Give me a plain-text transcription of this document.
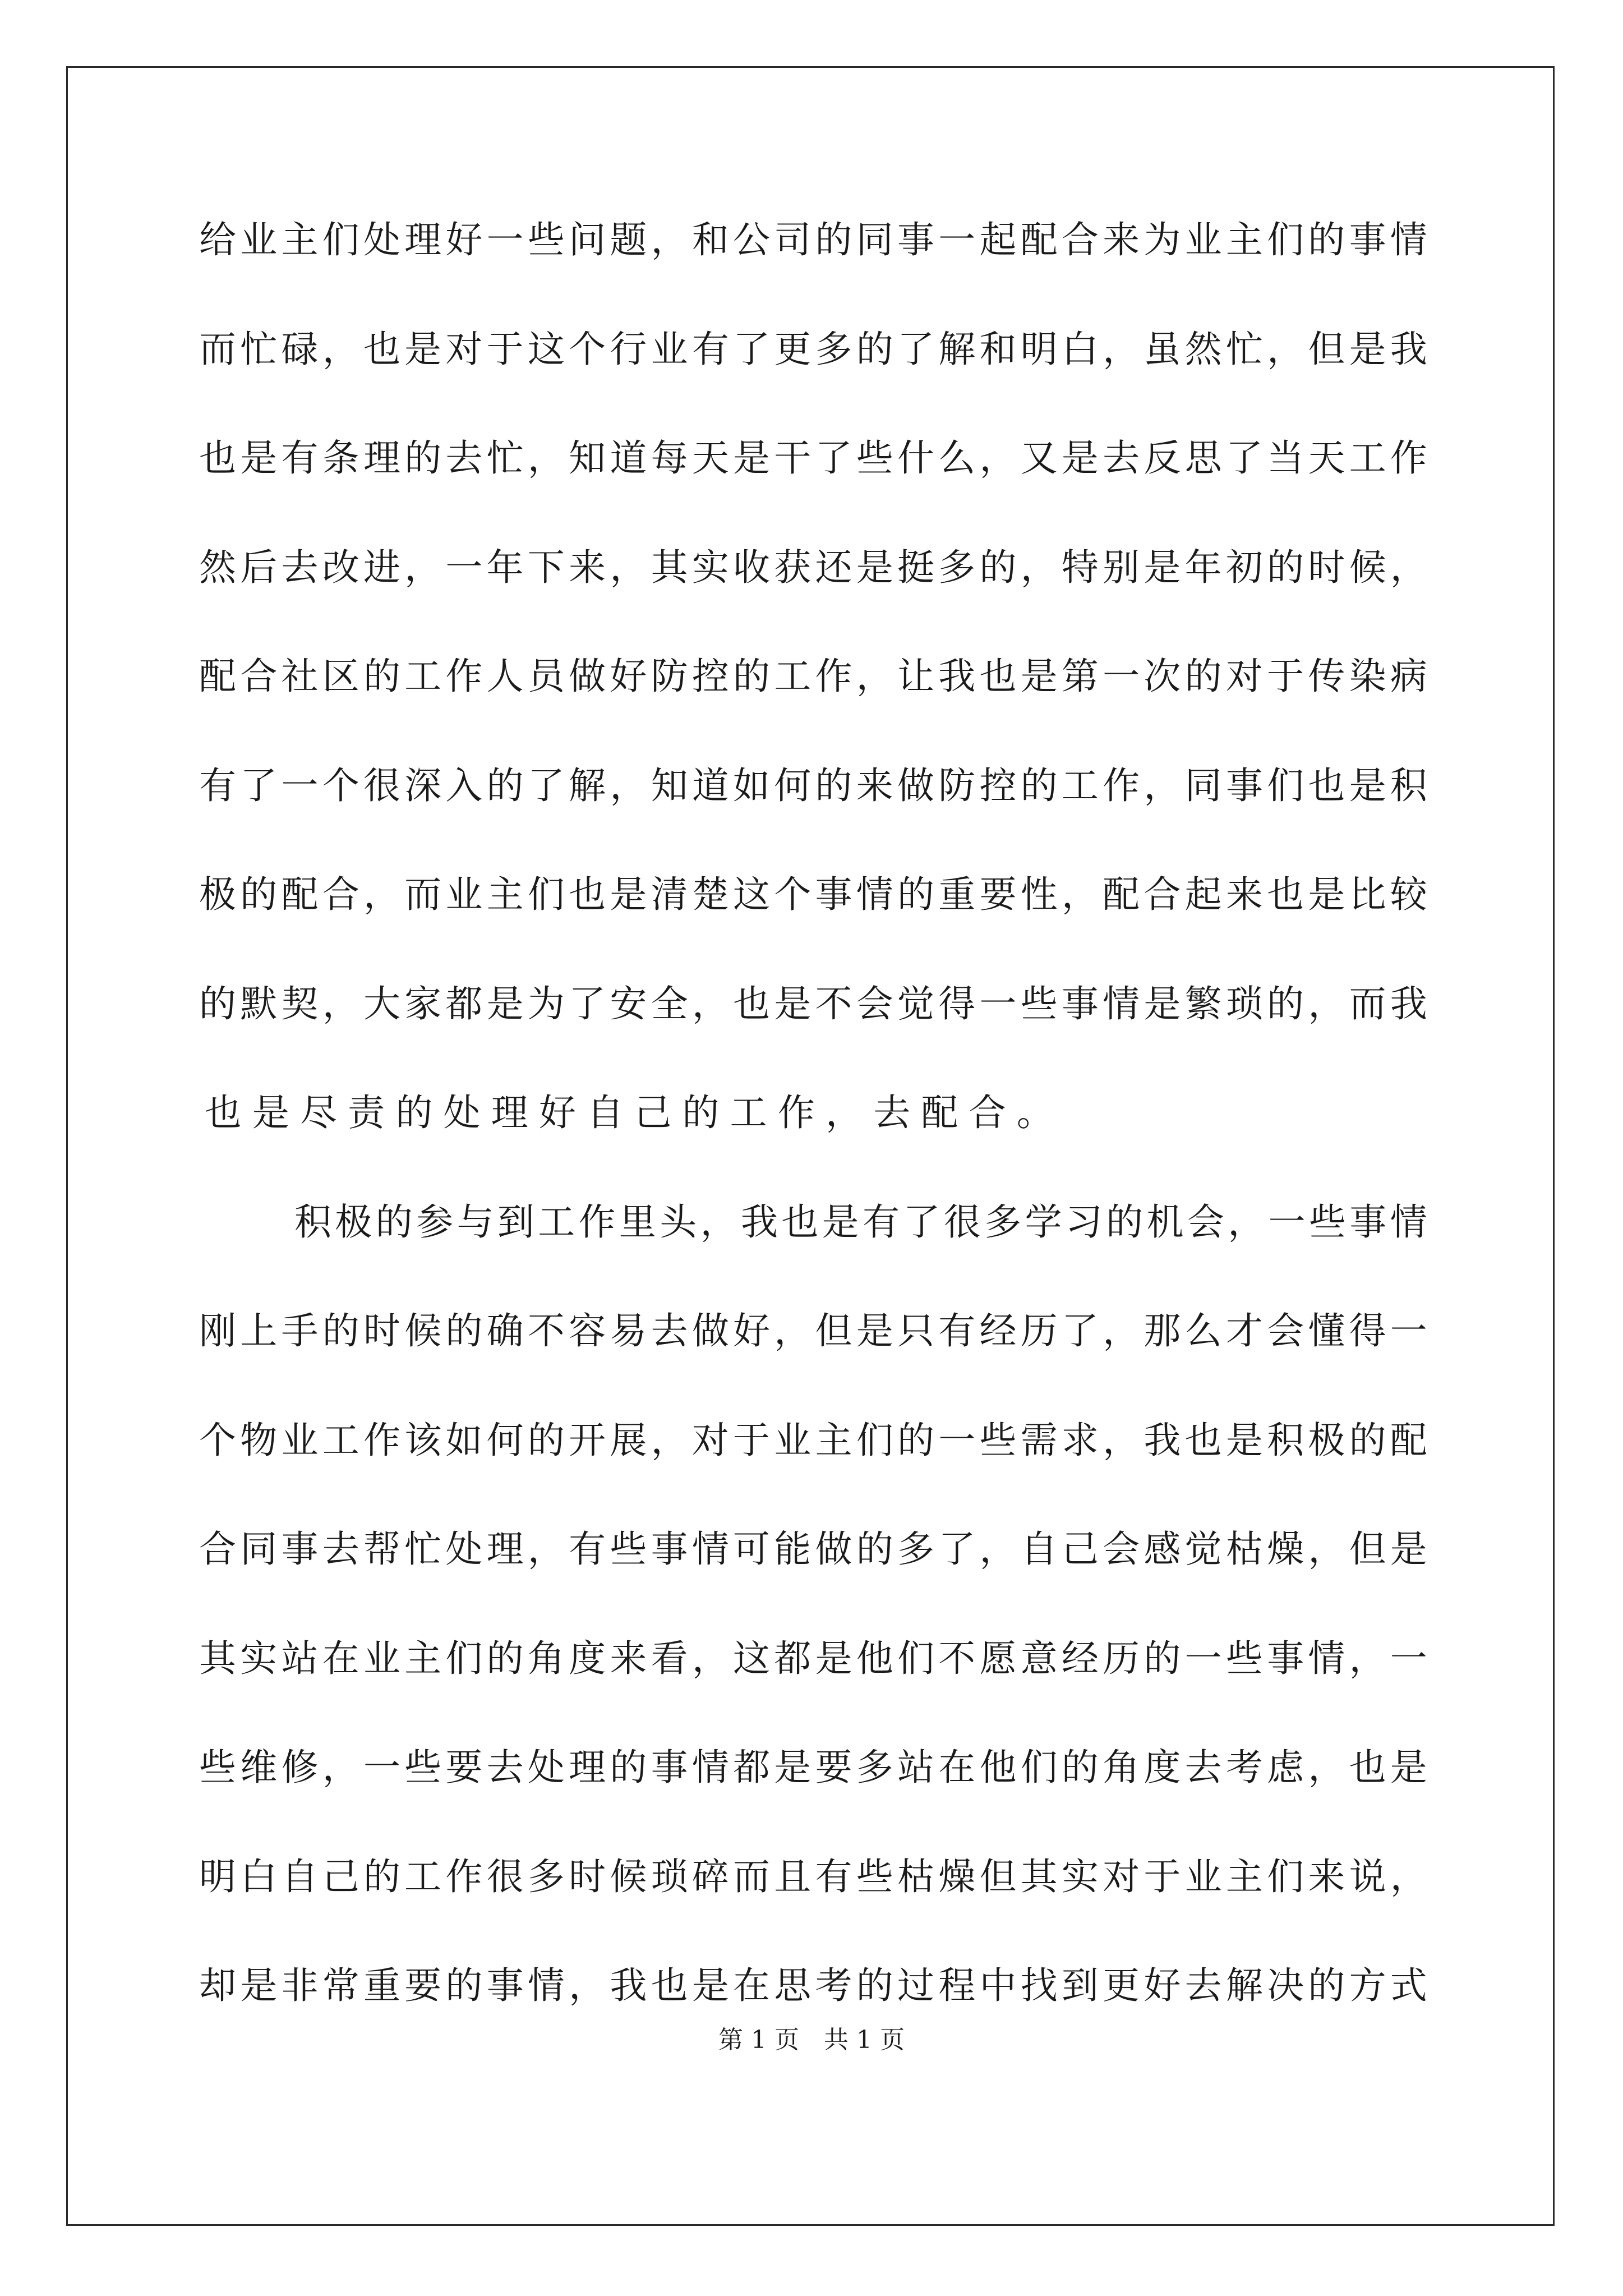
给 业 主 们 处 理 好 一 些 问 题 ， 和 公 司 的 同 事 一 起 配 合 来 为 业 主 们 的 事 情
而 忙 碌 ， 也 是 对 于 这 个 行 业 有 了 更 多 的 了 解 和 明 白 ， 虽 然 忙 ， 但 是 我
也 是 有 条 理 的 去 忙 ， 知 道 每 天 是 干 了 些 什 么 ， 又 是 去 反 思 了 当 天 工 作
然 后 去 改 进 ， 一 年 下 来 ， 其 实 收 获 还 是 挺 多 的 ， 特 别 是 年 初 的 时 候 ，
配 合 社 区 的 工 作 人 员 做 好 防 控 的 工 作 ， 让 我 也 是 第 一 次 的 对 于 传 染 病
有 了 一 个 很 深 入 的 了 解 ， 知 道 如 何 的 来 做 防 控 的 工 作 ， 同 事 们 也 是 积
极 的 配 合 ， 而 业 主 们 也 是 清 楚 这 个 事 情 的 重 要 性 ， 配 合 起 来 也 是 比 较
的 默 契 ， 大 家 都 是 为 了 安 全 ， 也 是 不 会 觉 得 一 些 事 情 是 繁 琐 的 ， 而 我
也 是 尽 责 的 处 理 好 自 己 的 工 作 ， 去 配 合 。
积 极 的 参 与 到 工 作 里 头 ， 我 也 是 有 了 很 多 学 习 的 机 会 ， 一 些 事 情
刚 上 手 的 时 候 的 确 不 容 易 去 做 好 ， 但 是 只 有 经 历 了 ， 那 么 才 会 懂 得 一
个 物 业 工 作 该 如 何 的 开 展 ， 对 于 业 主 们 的 一 些 需 求 ， 我 也 是 积 极 的 配
合 同 事 去 帮 忙 处 理 ， 有 些 事 情 可 能 做 的 多 了 ， 自 己 会 感 觉 枯 燥 ， 但 是
其 实 站 在 业 主 们 的 角 度 来 看 ， 这 都 是 他 们 不 愿 意 经 历 的 一 些 事 情 ， 一
些 维 修 ， 一 些 要 去 处 理 的 事 情 都 是 要 多 站 在 他 们 的 角 度 去 考 虑 ， 也 是
明 白 自 己 的 工 作 很 多 时 候 琐 碎 而 且 有 些 枯 燥 但 其 实 对 于 业 主 们 来 说 ，
却 是 非 常 重 要 的 事 情 ， 我 也 是 在 思 考 的 过 程 中 找 到 更 好 去 解 决 的 方 式
第 1 页　共 1 页
